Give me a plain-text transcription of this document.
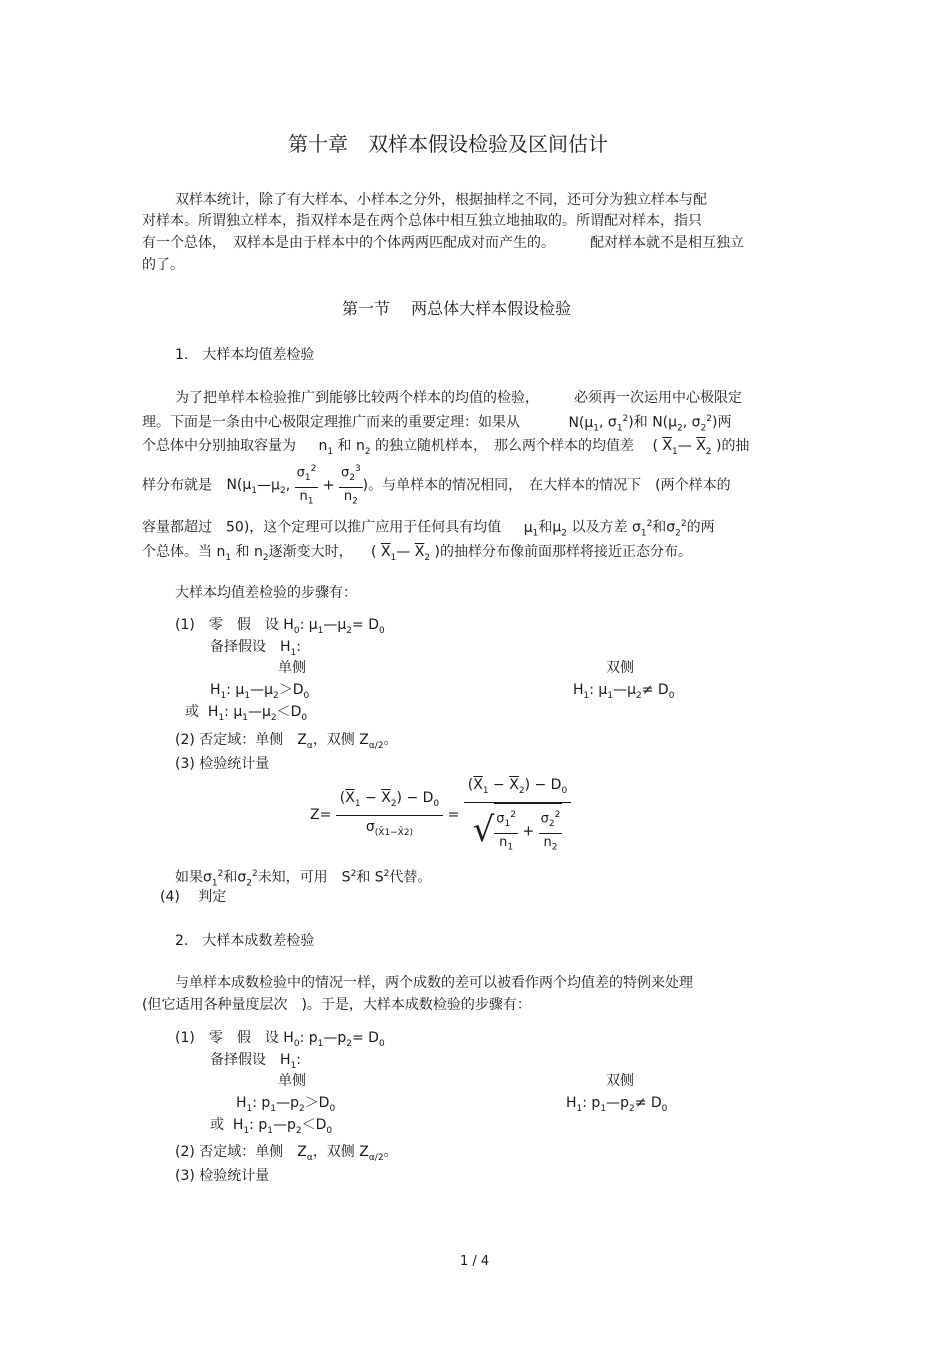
第十章　双样本假设检验及区间估计
双样本统计，除了有大样本、小样本之分外，根据抽样之不同，还可分为独立样本与配
对样本。所谓独立样本，指双样本是在两个总体中相互独立地抽取的。所谓配对样本，指只
有一个总体，　双样本是由于样本中的个体两两匹配成对而产生的。　　　配对样本就不是相互独立
的了。
第一节　 两总体大样本假设检验
1.　大样本均值差检验
为了把单样本检验推广到能够比较两个样本的均值的检验，　　　必须再一次运用中心极限定
理。下面是一条由中心极限定理推广而来的重要定理：如果从	$N(\mu_1$, $\sigma_1^2$)和 $N(\mu_2$, $\sigma_2^2$)两
个总体中分别抽取容量为 $n_1$ 和 $n_2$ 的独立随机样本，　那么两个样本的均值差 ( $\overline{X}_1—$ $\overline{X}_2$ )的抽
样分布就是 $N(\mu_1—\mu_2$, $\frac{\sigma_1^2}{n_1} + \frac{\sigma_2^3}{n_2}$ )。与单样本的情况相同，　在大样本的情况下　(两个样本的
容量都超过　50)，这个定理可以推广应用于任何具有均值 $\mu_1$和$\mu_2$ 以及方差 $\sigma_1^2$和$\sigma_2^2$的两
个总体。当 $n_1$ 和 $n_2$逐渐变大时， ( $\overline{X}_1—$ $\overline{X}_2$ )的抽样分布像前面那样将接近正态分布。
大样本均值差检验的步骤有：
(1)　零　假　设 $H_0$: $\mu_1—\mu_2= D_0$
备择假设　$H_1$:
单侧	双侧
$H_1$: $\mu_1—\mu_2>D_0$	$H_1$: $\mu_1—\mu_2\ne D_0$
或  $H_1$: $\mu_1—\mu_2<D_0$
(2) 否定域：单侧　$Z_\alpha$，双侧 $Z_{\alpha/2}$。
(3) 检验统计量
$Z= \frac{(\overline{X}_1 - \overline{X}_2) - D_0}{\sigma_{(X̄1-X̄2)}} = \frac{(\overline{X}_1 - \overline{X}_2) - D_0}{√ \frac{\sigma_1^2}{n_1} + \frac{\sigma_2^2}{n_2}}$
如果$\sigma_1^2$和$\sigma_2^2$未知，可用　$S^2$和 $S^2$代替。
(4)　 判定
2.　大样本成数差检验
与单样本成数检验中的情况一样，两个成数的差可以被看作两个均值差的特例来处理
(但它适用各种量度层次　)。于是，大样本成数检验的步骤有：
(1)　零　假　设 $H_0$: $p_1—p_2= D_0$
备择假设　$H_1$:
单侧	双侧
$H_1$: $p_1—p_2>D_0$	$H_1$: $p_1—p_2\ne D_0$
或  $H_1$: $p_1—p_2<D_0$
(2) 否定域：单侧　$Z_\alpha$，双侧 $Z_{\alpha/2}$。
(3) 检验统计量
1 / 4
